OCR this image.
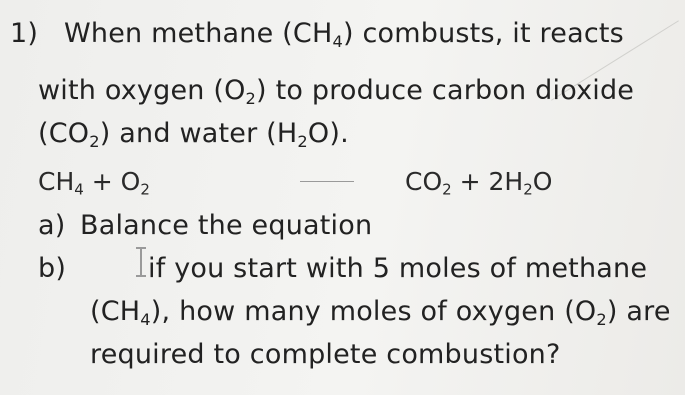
1) When methane $(CH_4)$ combusts, it reacts
with oxygen $(O_2)$ to produce carbon dioxide
$(CO_2)$ and water $(H_2O)$.
$CH_4 + O_2$	$CO_2 + 2H_2O$
a) Balance the equation
b)	if you start with 5 moles of methane
$(CH_4)$, how many moles of oxygen $(O_2)$ are
required to complete combustion?
